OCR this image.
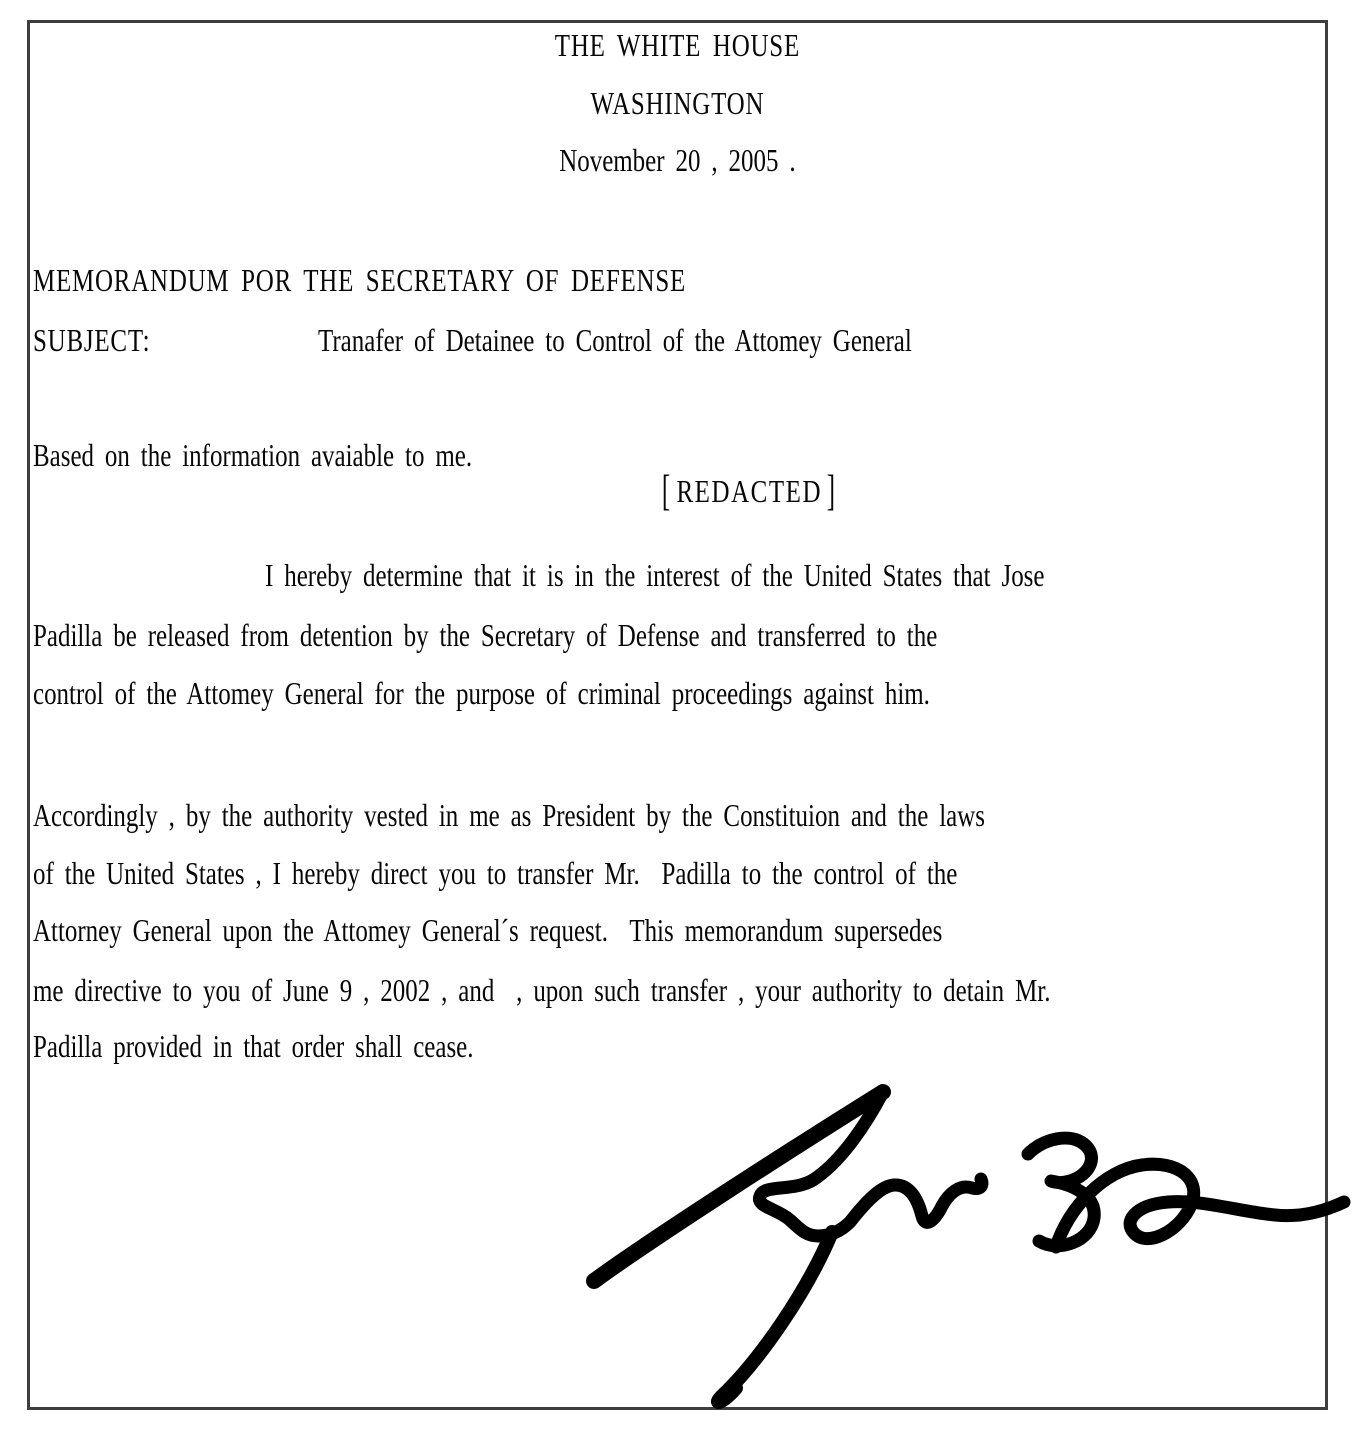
THE WHITE HOUSE
WASHINGTON
November 20 , 2005 .
MEMORANDUM POR THE SECRETARY OF DEFENSE
SUBJECT:	Tranafer of Detainee to Control of the Attomey General
Based on the information avaiable to me.

[ REDACTED ]

I hereby determine that it is in the interest of the United States that Jose
Padilla be released from detention by the Secretary of Defense and transferred to the
control of the Attomey General for the purpose of criminal proceedings against him.
Accordingly , by the authority vested in me as President by the Constituion and the laws
of the United States , I hereby direct you to transfer Mr.  Padilla to the control of the
Attorney General upon the Attomey General´s request.  This memorandum supersedes
me directive to you of June 9 , 2002 , and  , upon such transfer , your authority to detain Mr.
Padilla provided in that order shall cease.
